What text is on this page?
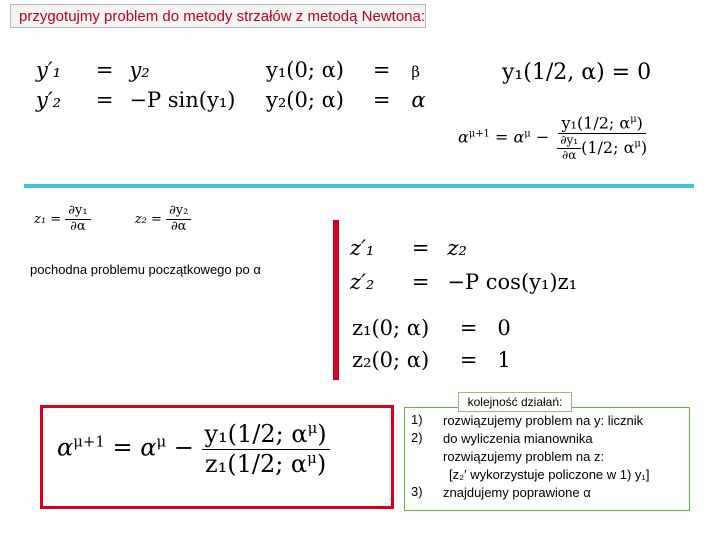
przygotujmy problem do metody strzałów z metodą Newtona:
y′₁ = y₂
y′₂ = −P sin(y₁)
y₁(0; α) = β
y₂(0; α) = α
y₁(1/2, α) = 0
$\alpha^{\mu+1} = \alpha^\mu - \frac{y_1(1/2; \alpha^\mu)}{\frac{\text{∂y₁}}{\partial\alpha} (1/2; \alpha^\mu)}$
$z_1 = \frac{\text{∂y₁}}{\partial\alpha}$	$z_2 = \frac{\text{∂y₂}}{\partial\alpha}$
pochodna problemu początkowego po α
z′₁ = z₂
z′₂ = −P cos(y₁)z₁
z₁(0; α) = 0
z₂(0; α) = 1
$\alpha^{\mu+1} = \alpha^\mu - \frac{y_1(1/2; \alpha^\mu)}{z_1(1/2; \alpha^\mu)}$
1)
2)
3)
rozwiązujemy problem na y: licznik
do wyliczenia mianownika
rozwiązujemy problem na z:
[z₂′ wykorzystuje policzone w 1) y₁]
znajdujemy poprawione α
kolejność działań:
